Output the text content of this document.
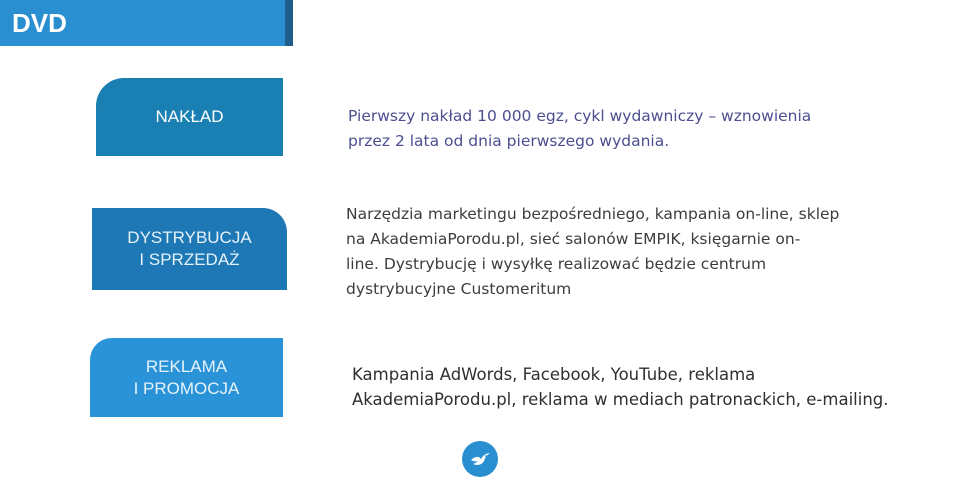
DVD
NAKŁAD	Pierwszy nakład 10 000 egz, cykl wydawniczy – wznowienia
przez 2 lata od dnia pierwszego wydania.

DYSTRYBUCJA
I SPRZEDAŻ

Narzędzia marketingu bezpośredniego, kampania on-line, sklep
na AkademiaPorodu.pl, sieć salonów EMPIK, księgarnie on-
line. Dystrybucję i wysyłkę realizować będzie centrum
dystrybucyjne Customeritum

REKLAMA
I PROMOCJA

Kampania AdWords, Facebook, YouTube, reklama
AkademiaPorodu.pl, reklama w mediach patronackich, e-mailing.
